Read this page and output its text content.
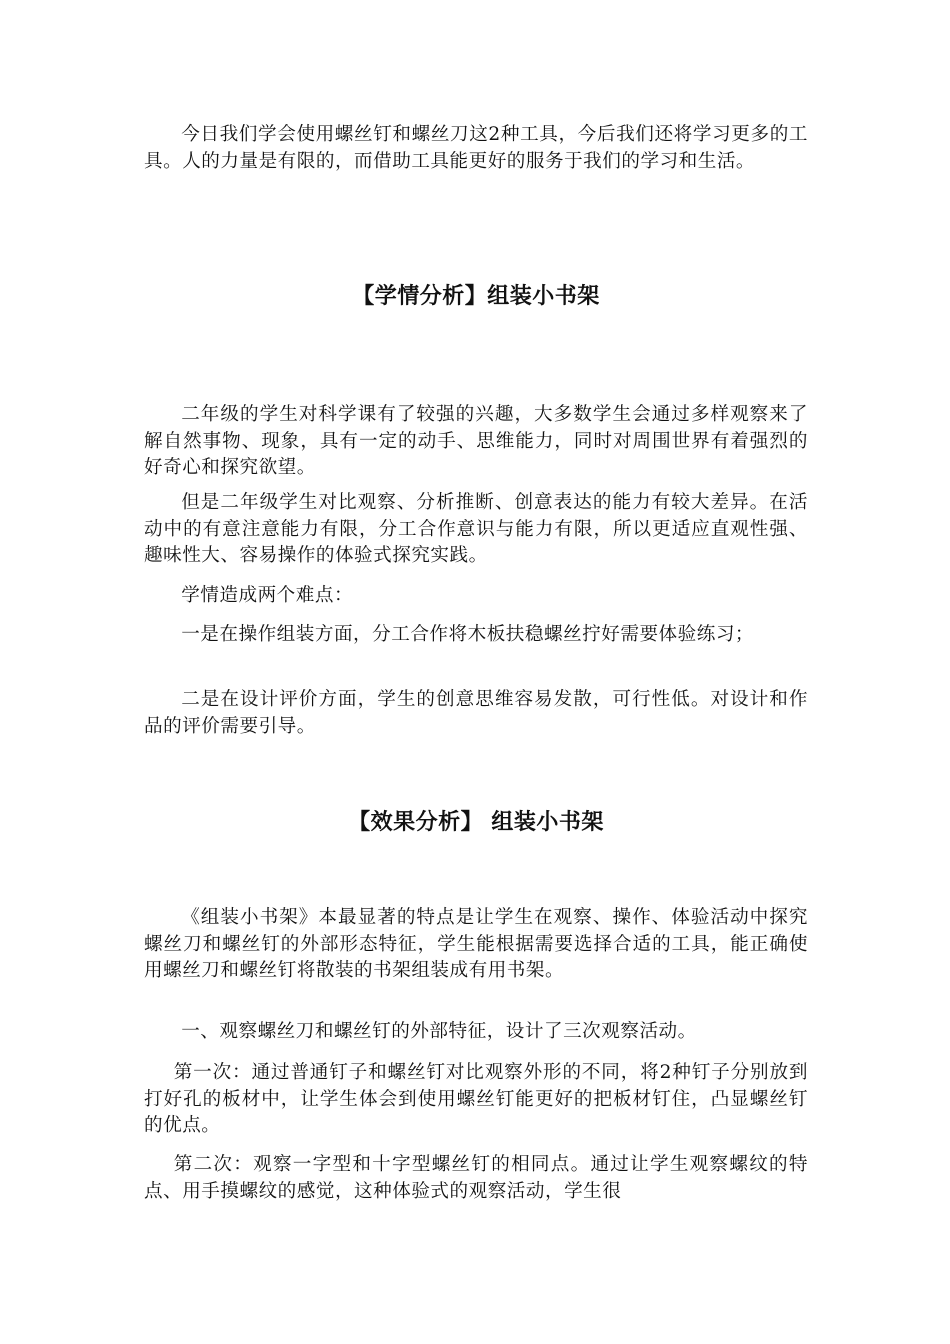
今日我们学会使用螺丝钉和螺丝刀这2种工具，今后我们还将学习更多的工具。人的力量是有限的，而借助工具能更好的服务于我们的学习和生活。

【学情分析】组装小书架

二年级的学生对科学课有了较强的兴趣，大多数学生会通过多样观察来了解自然事物、现象，具有一定的动手、思维能力，同时对周围世界有着强烈的好奇心和探究欲望。

但是二年级学生对比观察、分析推断、创意表达的能力有较大差异。在活动中的有意注意能力有限，分工合作意识与能力有限，所以更适应直观性强、趣味性大、容易操作的体验式探究实践。

学情造成两个难点：

一是在操作组装方面，分工合作将木板扶稳螺丝拧好需要体验练习；

二是在设计评价方面，学生的创意思维容易发散，可行性低。对设计和作品的评价需要引导。

【效果分析】 组装小书架

《组装小书架》本最显著的特点是让学生在观察、操作、体验活动中探究螺丝刀和螺丝钉的外部形态特征，学生能根据需要选择合适的工具，能正确使用螺丝刀和螺丝钉将散装的书架组装成有用书架。

一、观察螺丝刀和螺丝钉的外部特征，设计了三次观察活动。

第一次：通过普通钉子和螺丝钉对比观察外形的不同，将2种钉子分别放到打好孔的板材中，让学生体会到使用螺丝钉能更好的把板材钉住，凸显螺丝钉的优点。

第二次：观察一字型和十字型螺丝钉的相同点。通过让学生观察螺纹的特点、用手摸螺纹的感觉，这种体验式的观察活动，学生很
